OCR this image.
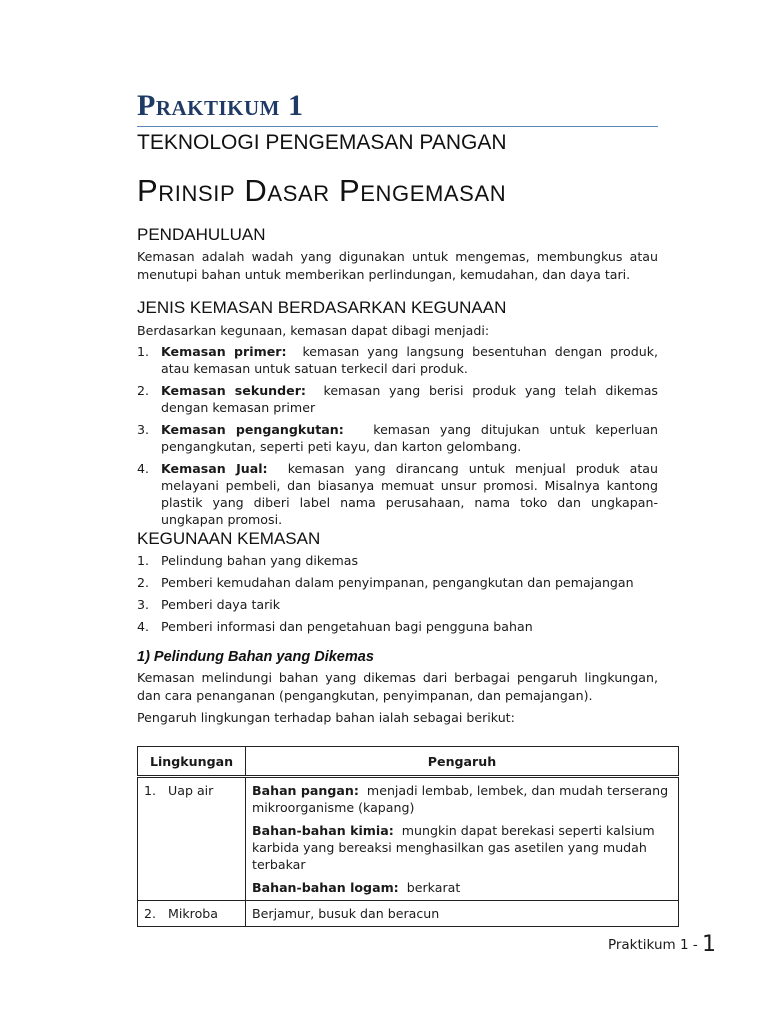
Praktikum 1
TEKNOLOGI PENGEMASAN PANGAN
Prinsip Dasar Pengemasan
PENDAHULUAN
Kemasan adalah wadah yang digunakan untuk mengemas, membungkus atau menutupi bahan untuk memberikan perlindungan, kemudahan, dan daya tari.
JENIS KEMASAN BERDASARKAN KEGUNAAN
Berdasarkan kegunaan, kemasan dapat dibagi menjadi:
1. Kemasan primer: kemasan yang langsung besentuhan dengan produk, atau kemasan untuk satuan terkecil dari produk.
2. Kemasan sekunder: kemasan yang berisi produk yang telah dikemas dengan kemasan primer
3. Kemasan pengangkutan: kemasan yang ditujukan untuk keperluan pengangkutan, seperti peti kayu, dan karton gelombang.
4. Kemasan Jual: kemasan yang dirancang untuk menjual produk atau melayani pembeli, dan biasanya memuat unsur promosi. Misalnya kantong plastik yang diberi label nama perusahaan, nama toko dan ungkapan-ungkapan promosi.
KEGUNAAN KEMASAN
1. Pelindung bahan yang dikemas
2. Pemberi kemudahan dalam penyimpanan, pengangkutan dan pemajangan
3. Pemberi daya tarik
4. Pemberi informasi dan pengetahuan bagi pengguna bahan
1) Pelindung Bahan yang Dikemas
Kemasan melindungi bahan yang dikemas dari berbagai pengaruh lingkungan, dan cara penanganan (pengangkutan, penyimpanan, dan pemajangan).
Pengaruh lingkungan terhadap bahan ialah sebagai berikut:
Lingkungan	Pengaruh
1.   Uap air	Bahan pangan: menjadi lembab, lembek, dan mudah terserang mikroorganisme (kapang)
Bahan-bahan kimia: mungkin dapat berekasi seperti kalsium karbida yang bereaksi menghasilkan gas asetilen yang mudah terbakar
Bahan-bahan logam: berkarat

2.   Mikroba	Berjamur, busuk dan beracun
Praktikum 1 - 1
